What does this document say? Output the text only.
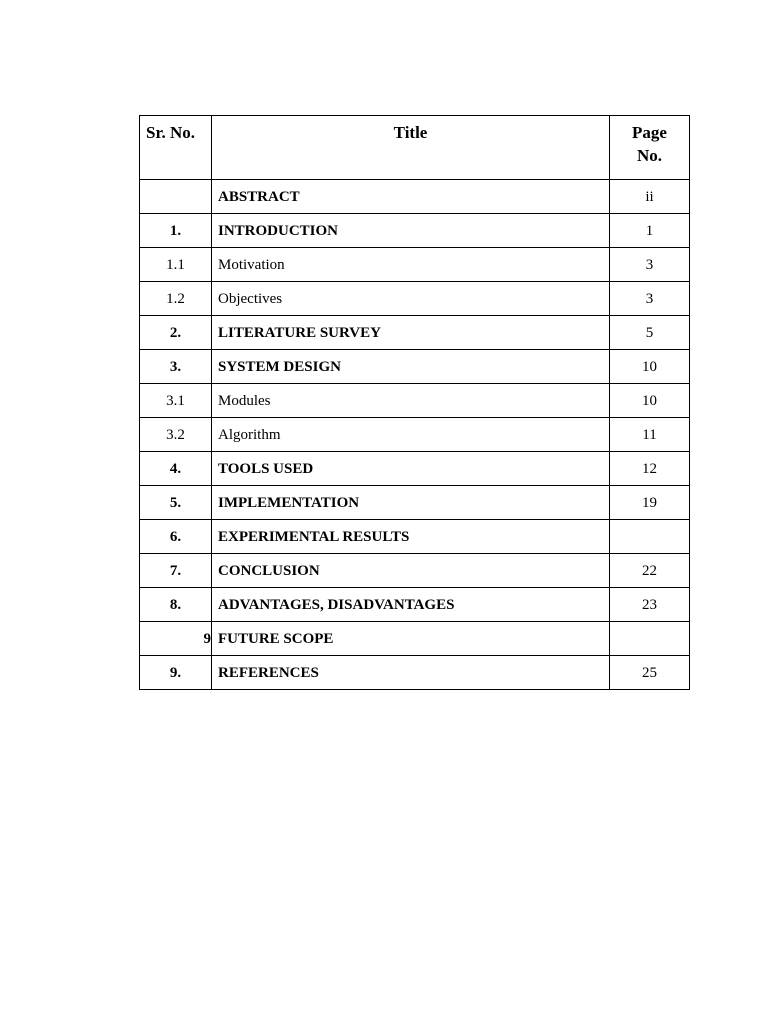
Sr. No.	Title	Page
No.
	ABSTRACT	ii
1.	INTRODUCTION	1
1.1	Motivation	3
1.2	Objectives	3
2.	LITERATURE SURVEY	5
3.	SYSTEM DESIGN	10
3.1	Modules	10
3.2	Algorithm	11
4.	TOOLS USED	12
5.	IMPLEMENTATION	19
6.	EXPERIMENTAL RESULTS	
7.	CONCLUSION	22
8.	ADVANTAGES, DISADVANTAGES	23
9	FUTURE SCOPE	
9.	REFERENCES	25
